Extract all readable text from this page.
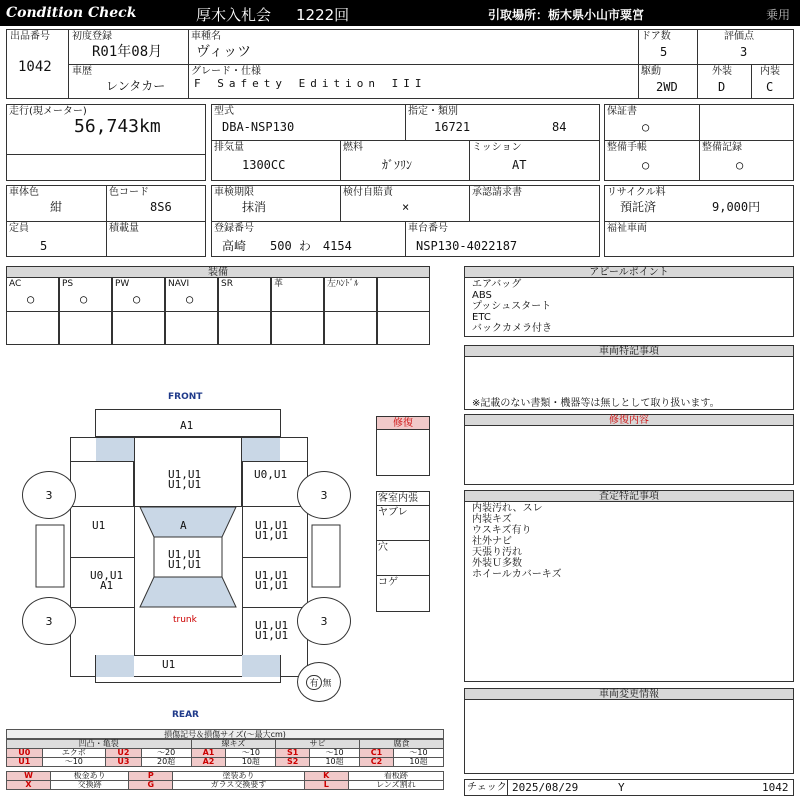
Condition Check	厚木入札会 1222回	引取場所：栃木県小山市粟宮	乗用
出品番号
1042
初度登録
R01年08月
車種名
ヴィッツ
ドア数
5
評価点
3
車歴
レンタカー
グレード・仕様
F Safety Edition III
駆動
2WD
外装
D
内装
C
走行(現メーター)
56,743km
型式
DBA-NSP130
指定・類別
16721	84
排気量
1300CC
燃料
ｶﾞｿﾘﾝ
ミッション
AT
保証書
○
整備手帳
○
整備記録
○
車体色
紺
色コード
8S6
定員
5
積載量
車検期限
抹消
検付自賠責
×
承認請求書
登録番号
高崎　　500 わ　4154
車台番号
NSP130-4022187
リサイクル料
預託済	9,000円
福祉車両
装備
AC
○
PS
○
PW
○
NAVI
○
SR	革	左ﾊﾝﾄﾞﾙ
アピールポイント
エアバッグ
ABS
プッシュスタート
ETC
バックカメラ付き
車両特記事項
※記載のない書類・機器等は無しとして取り扱います。
修復内容
査定特記事項
内装汚れ、スレ
内装キズ
ウスキズ有り
社外ナビ
天張り汚れ
外装Ｕ多数
ホイールカバーキズ
車両変更情報
チェック 2025/08/29	Y	1042
修復
客室内張
ヤブレ
穴
コゲ
FRONT
REAR
3	3
3	3
A1
U1,U1
U1,U1
U0,U1
U1	A	U1,U1
U1,U1
U1,U1
U1,U1
U0,U1
A1
U1,U1
U1,U1
trunk	U1,U1
U1,U1
U1
有 無
損傷記号＆損傷サイズ(～最大cm)
凹凸・亀裂				線キズ		サビ		腐食	
U0	エクボ	U2	～20	A1	～10	S1	～10	C1	～10
U1	～10	U3	20超	A2	10超	S2	10超	C2	10超
W	板金あり	P	塗装あり	K	看板跡
X	交換跡	G	ガラス交換要す	L	レンズ割れ
